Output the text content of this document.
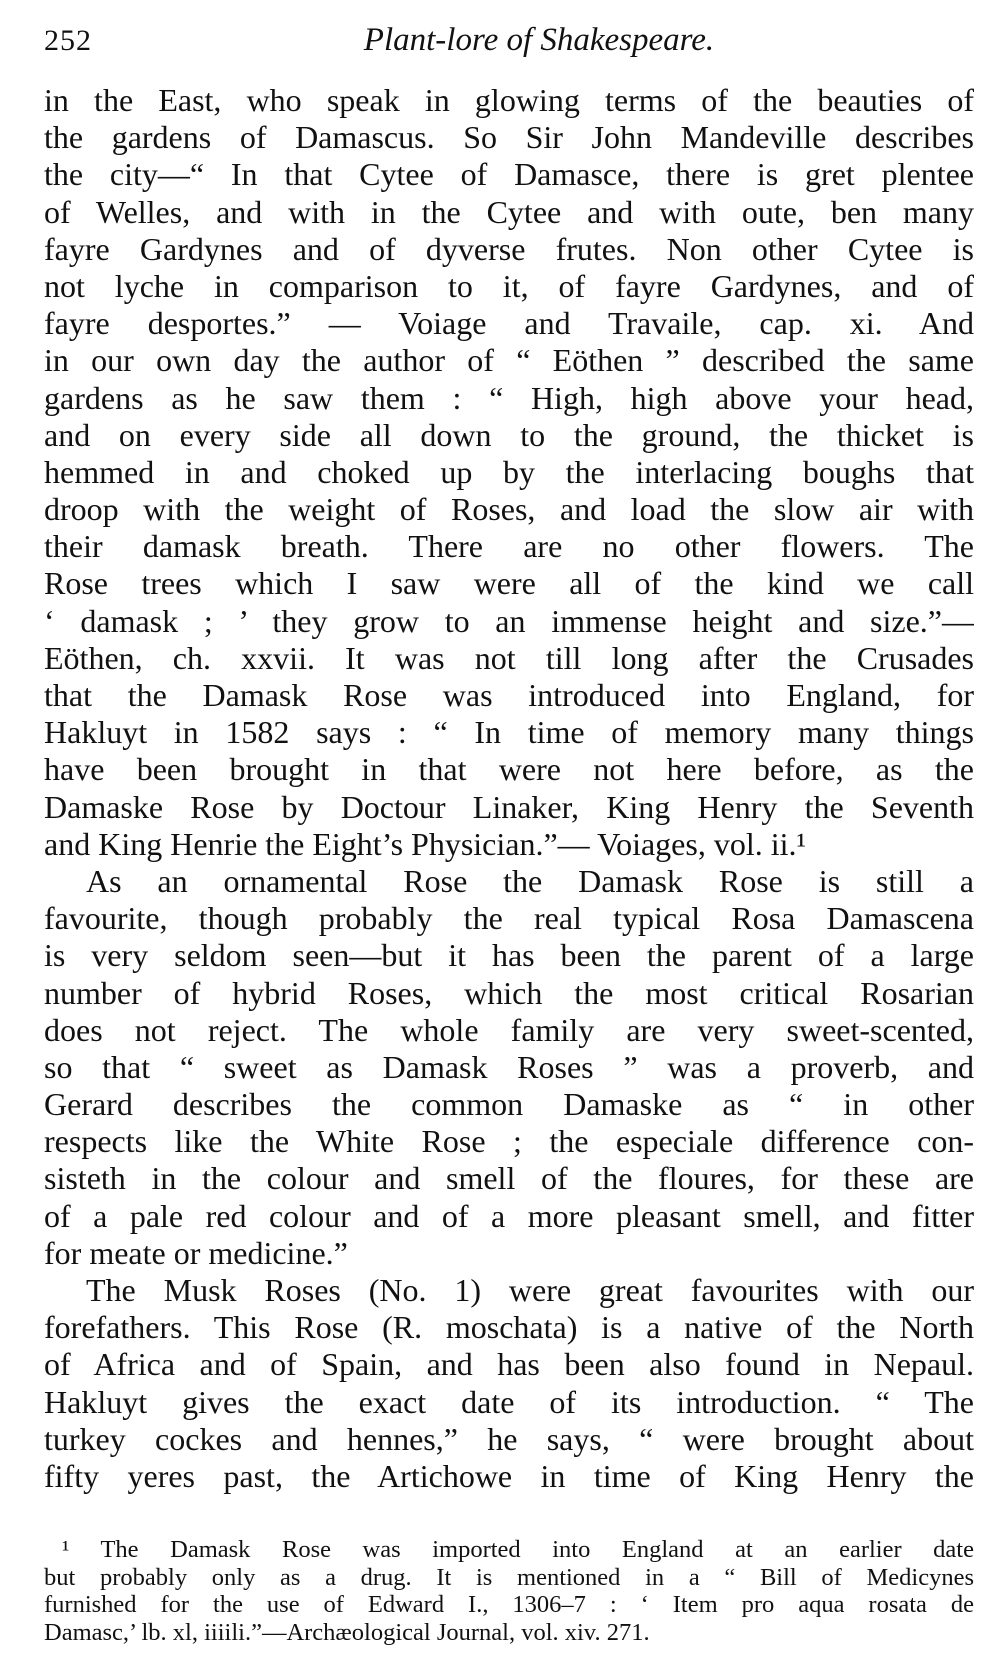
252	Plant-lore of Shakespeare.
in the East, who speak in glowing terms of the beauties of
the gardens of Damascus. So Sir John Mandeville describes
the city—“ In that Cytee of Damasce, there is gret plentee
of Welles, and with in the Cytee and with oute, ben many
fayre Gardynes and of dyverse frutes. Non other Cytee is
not lyche in comparison to it, of fayre Gardynes, and of
fayre desportes.” — Voiage and Travaile, cap. xi. And
in our own day the author of “ Eöthen ” described the same
gardens as he saw them : “ High, high above your head,
and on every side all down to the ground, the thicket is
hemmed in and choked up by the interlacing boughs that
droop with the weight of Roses, and load the slow air with
their damask breath. There are no other flowers. The
Rose trees which I saw were all of the kind we call
‘ damask ; ’ they grow to an immense height and size.”—
Eöthen, ch. xxvii. It was not till long after the Crusades
that the Damask Rose was introduced into England, for
Hakluyt in 1582 says : “ In time of memory many things
have been brought in that were not here before, as the
Damaske Rose by Doctour Linaker, King Henry the Seventh
and King Henrie the Eight’s Physician.”— Voiages, vol. ii.¹
As an ornamental Rose the Damask Rose is still a
favourite, though probably the real typical Rosa Damascena
is very seldom seen—but it has been the parent of a large
number of hybrid Roses, which the most critical Rosarian
does not reject. The whole family are very sweet-scented,
so that “ sweet as Damask Roses ” was a proverb, and
Gerard describes the common Damaske as “ in other
respects like the White Rose ; the especiale difference con-
sisteth in the colour and smell of the floures, for these are
of a pale red colour and of a more pleasant smell, and fitter
for meate or medicine.”
The Musk Roses (No. 1) were great favourites with our
forefathers. This Rose (R. moschata) is a native of the North
of Africa and of Spain, and has been also found in Nepaul.
Hakluyt gives the exact date of its introduction. “ The
turkey cockes and hennes,” he says, “ were brought about
fifty yeres past, the Artichowe in time of King Henry the
¹ The Damask Rose was imported into England at an earlier date
but probably only as a drug. It is mentioned in a “ Bill of Medicynes
furnished for the use of Edward I., 1306–7 : ‘ Item pro aqua rosata de
Damasc,’ lb. xl, iiiili.”—Archæological Journal, vol. xiv. 271.
